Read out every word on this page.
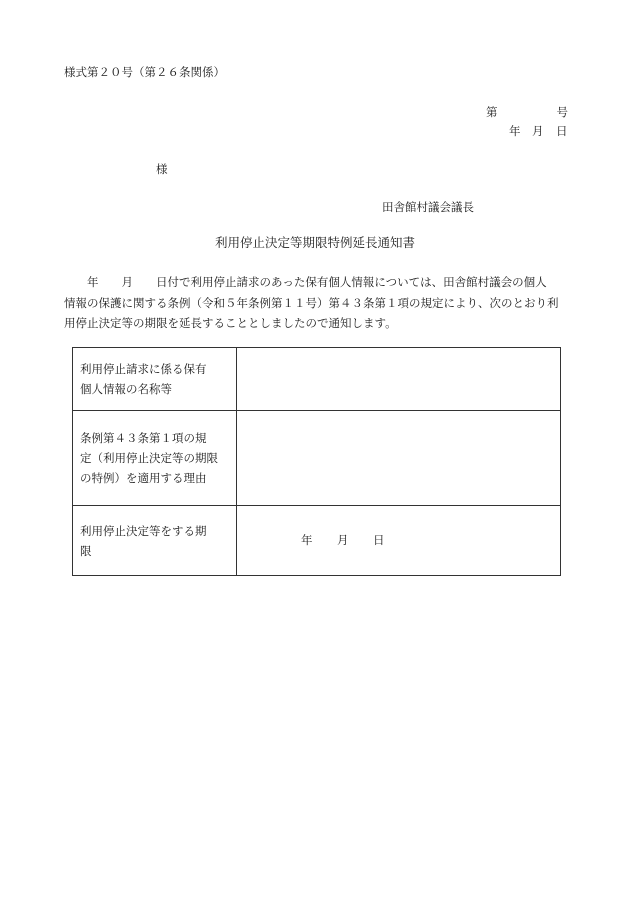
様式第２０号（第２６条関係）
第	号
年 月 日
様
田舎館村議会議長
利用停止決定等期限特例延長通知書

　　年　　月　　日付で利用停止請求のあった保有個人情報については、田舎館村議会の個人

情報の保護に関する条例（令和５年条例第１１号）第４３条第１項の規定により、次のとおり利

用停止決定等の期限を延長することとしましたので通知します。

利用停止請求に係る保有
個人情報の名称等	

条例第４３条第１項の規
定（利用停止決定等の期限
の特例）を適用する理由	

利用停止決定等をする期
限	年 月 日
